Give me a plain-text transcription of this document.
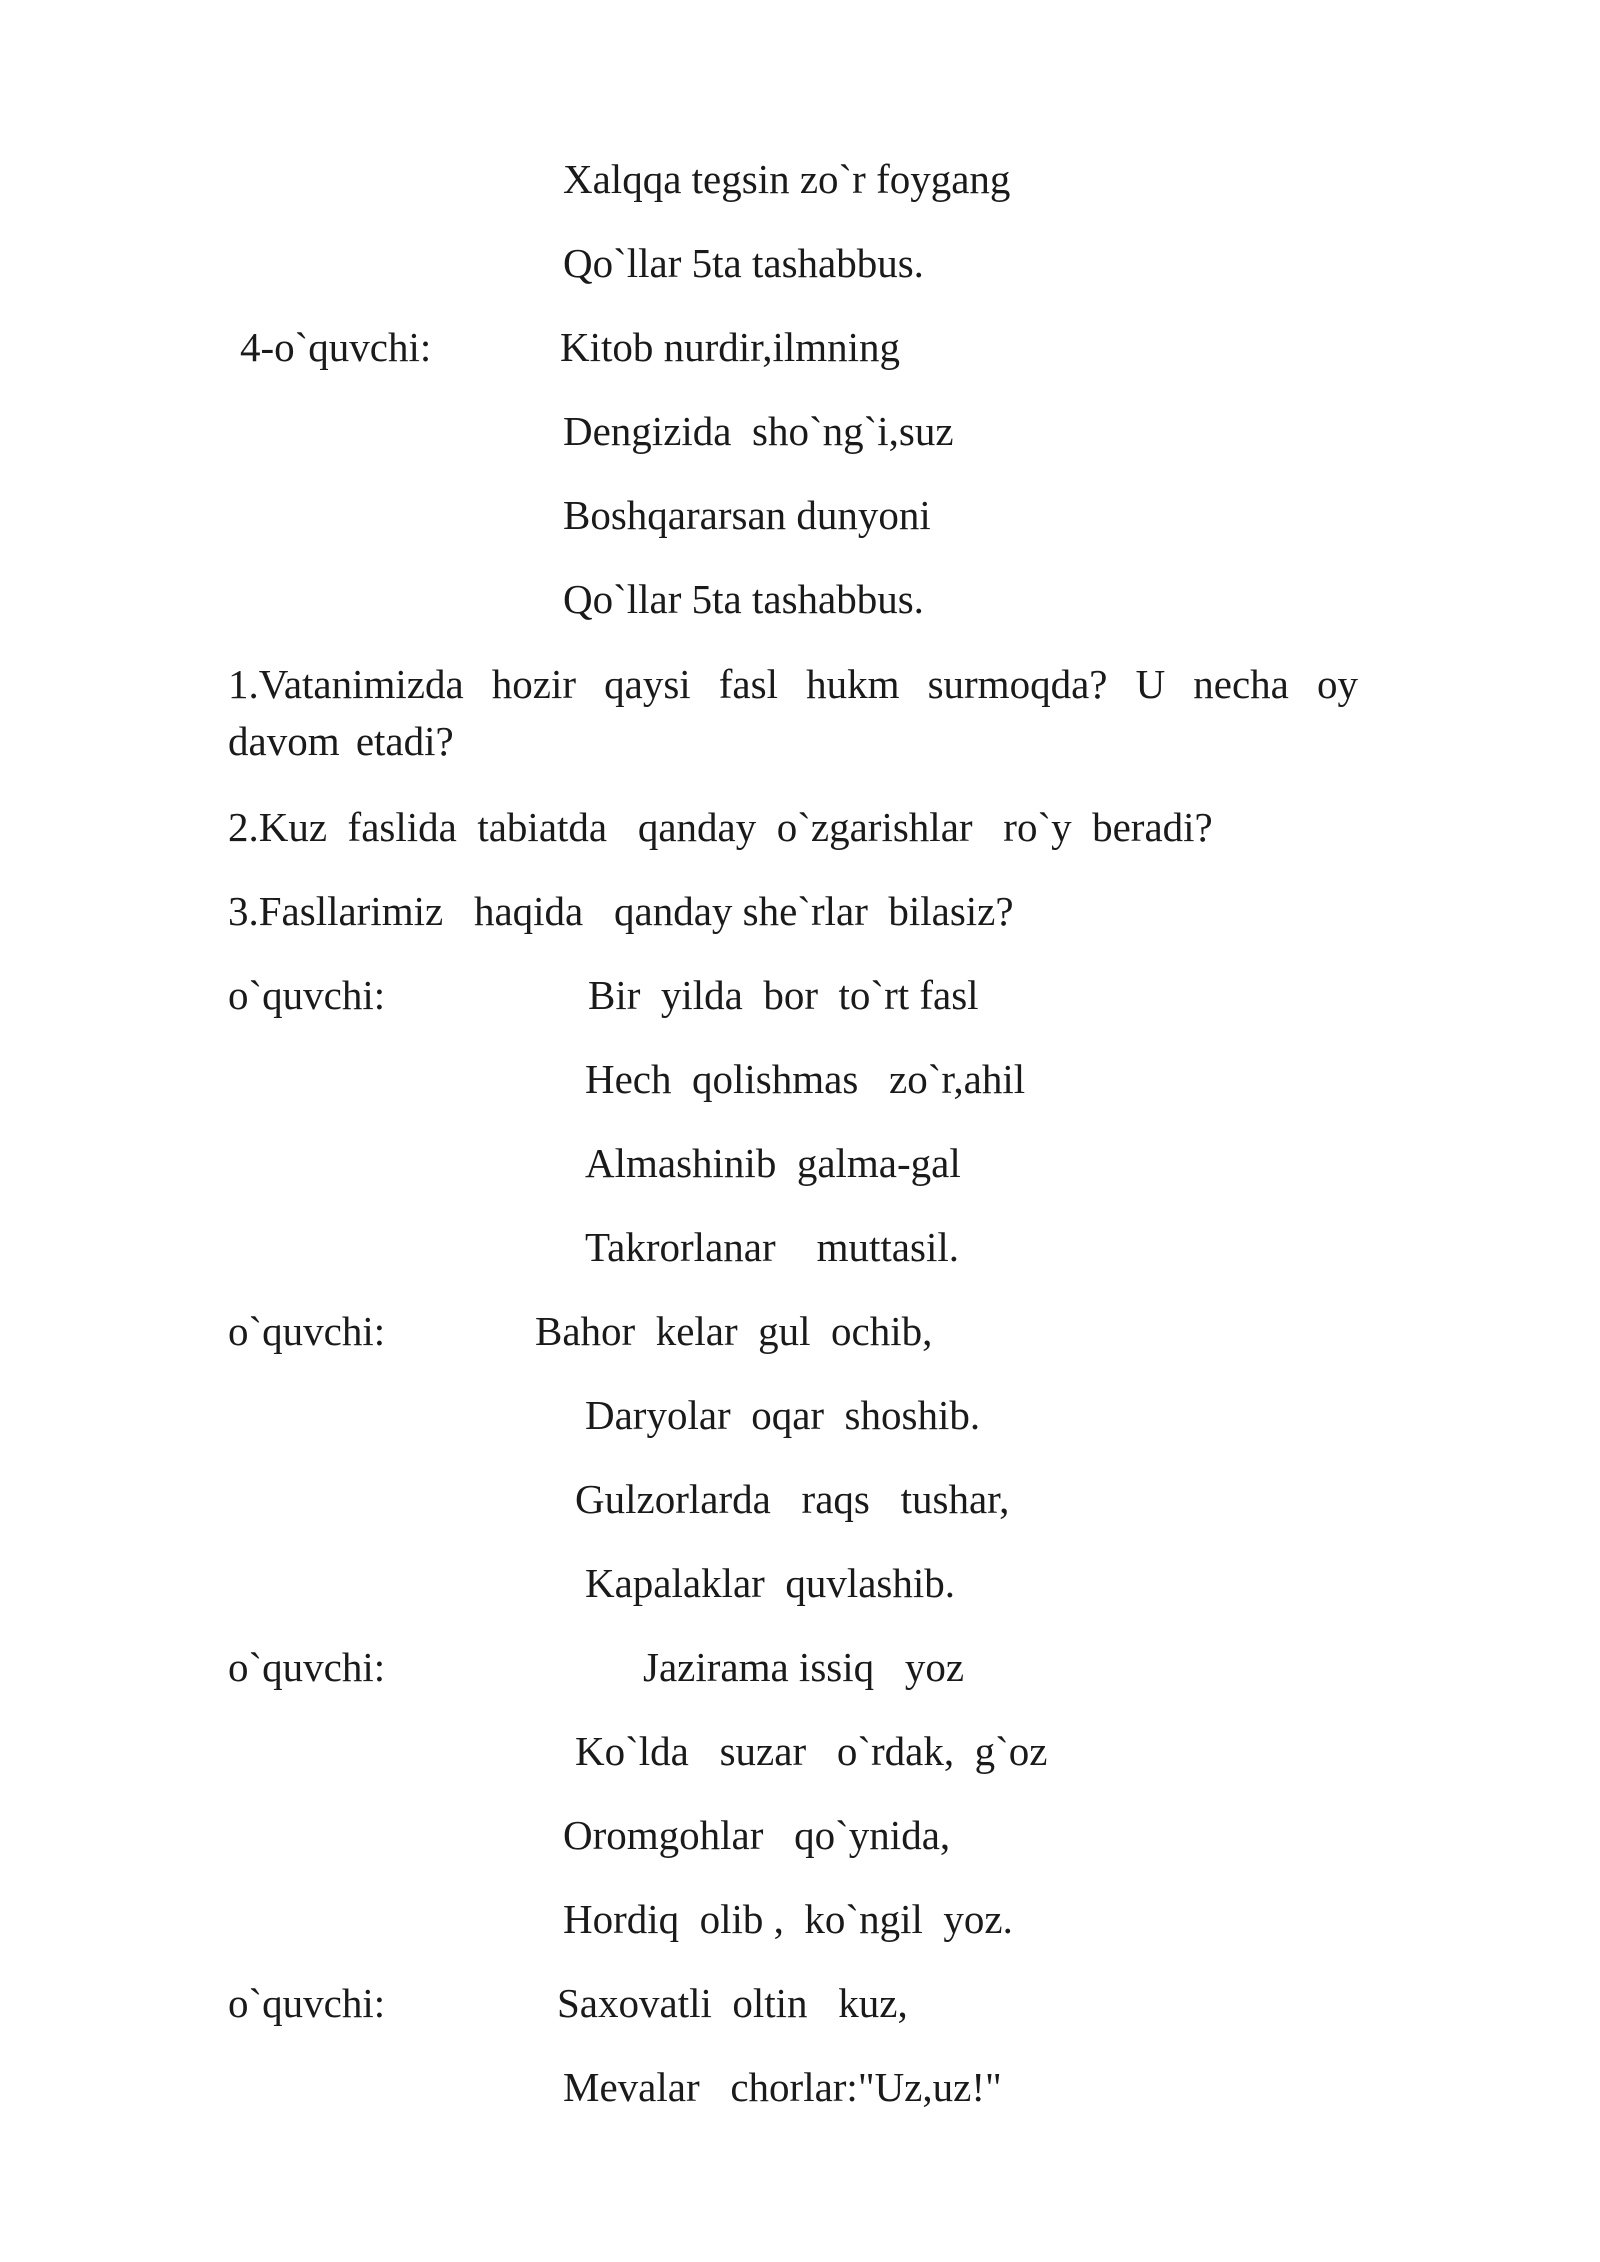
Xalqqa tegsin zo`r foygang

Qo`llar 5ta tashabbus.

4-o`quvchi:	Kitob nurdir,ilmning

Dengizida  sho`ng`i,suz

Boshqararsan dunyoni

Qo`llar 5ta tashabbus.

1.Vatanimizda hozir qaysi fasl hukm surmoqda? U necha oy davom etadi?

2.Kuz  faslida  tabiatda   qanday  o`zgarishlar   ro`y  beradi?

3.Fasllarimiz   haqida   qanday she`rlar  bilasiz?

o`quvchi:	Bir  yilda  bor  to`rt fasl

Hech  qolishmas   zo`r,ahil

Almashinib  galma-gal

Takrorlanar    muttasil.

o`quvchi:	Bahor  kelar  gul  ochib,

Daryolar  oqar  shoshib.

Gulzorlarda   raqs   tushar,

Kapalaklar  quvlashib.

o`quvchi:	Jazirama issiq   yoz

Ko`lda   suzar   o`rdak,  g`oz

Oromgohlar   qo`ynida,

Hordiq  olib ,  ko`ngil  yoz.

o`quvchi:	Saxovatli  oltin   kuz,

Mevalar   chorlar:"Uz,uz!"
